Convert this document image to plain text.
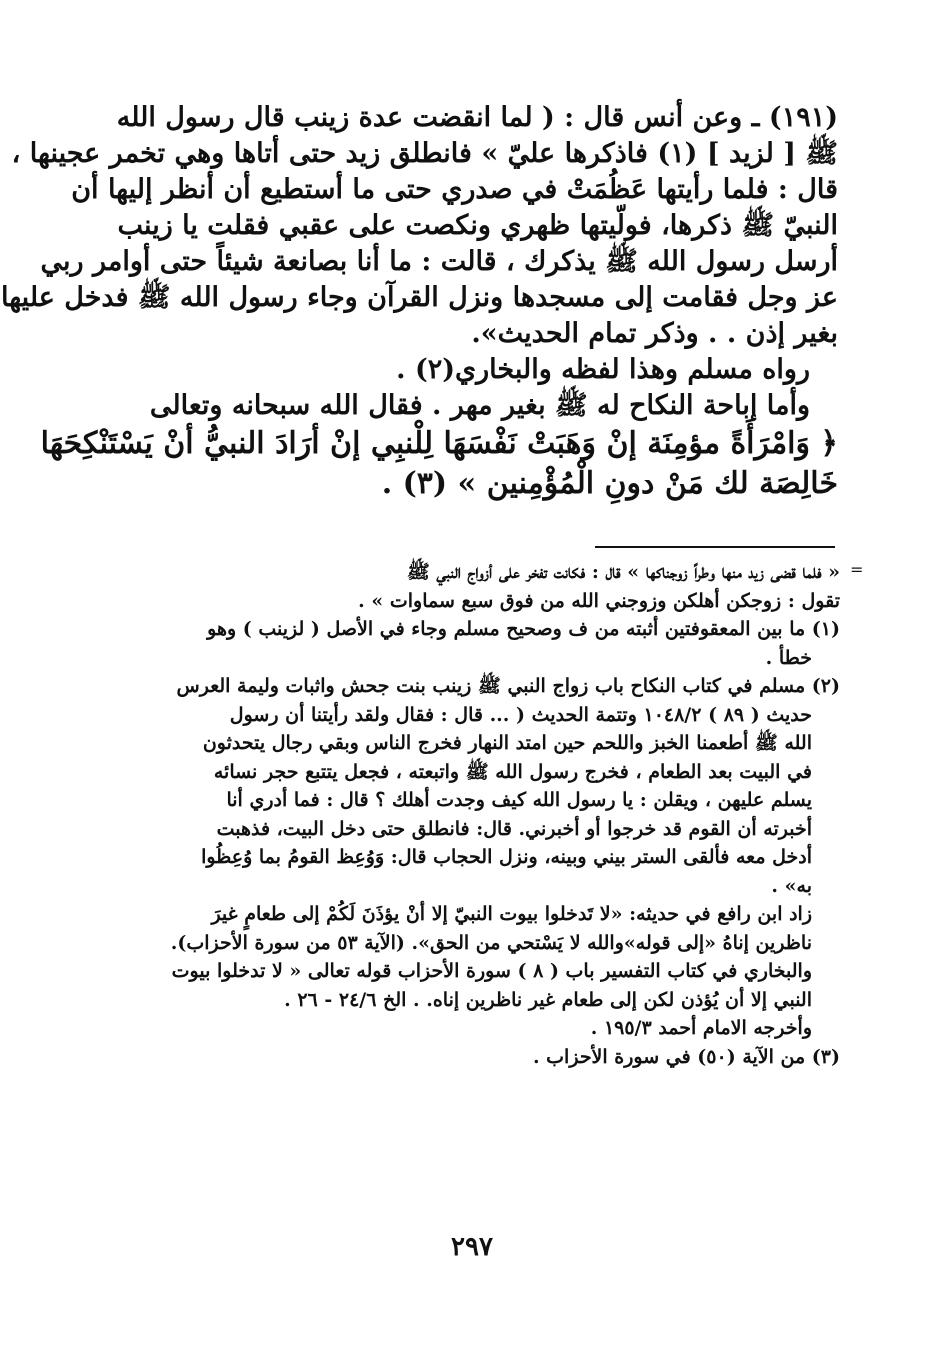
(١٩١) ـ وعن أنس قال : ( لما انقضت عدة زينب قال رسول الله
ﷺ [ لزيد ] (١) فاذكرها عليّ » فانطلق زيد حتى أتاها وهي تخمر عجينها ،
قال : فلما رأيتها عَظُمَتْ في صدري حتى ما أستطيع أن أنظر إليها أن
النبيّ ﷺ ذكرها، فولّيتها ظهري ونكصت على عقبي فقلت يا زينب
أرسل رسول الله ﷺ يذكرك ، قالت : ما أنا بصانعة شيئاً حتى أوامر ربي
عز وجل فقامت إلى مسجدها ونزل القرآن وجاء رسول الله ﷺ فدخل عليها
بغير إذن . . وذكر تمام الحديث».
رواه مسلم وهذا لفظه والبخاري(٢) .
وأما إباحة النكاح له ﷺ بغير مهر . فقال الله سبحانه وتعالى
﴿ وَامْرَأَةً مؤمِنَة إنْ وَهَبَتْ نَفْسَهَا لِلْنبِي إنْ أرَادَ النبيُّ أنْ يَسْتَنْكِحَهَا
خَالِصَة لك مَنْ دونِ الْمُؤْمِنين » (٣) .
=
« فلما قضى زيد منها وطراً زوجناكها » قال : فكانت تفخر على أزواج النبي ﷺ
تقول : زوجكن أهلكن وزوجني الله من فوق سبع سماوات » .
(١) ما بين المعقوفتين أثبته من ف وصحيح مسلم وجاء في الأصل ( لزينب ) وهو
خطأ .
(٢) مسلم في كتاب النكاح باب زواج النبي ﷺ زينب بنت جحش واثبات وليمة العرس
حديث ( ٨٩ ) ١٠٤٨/٢ وتتمة الحديث ( ... قال : فقال ولقد رأيتنا أن رسول
الله ﷺ أطعمنا الخبز واللحم حين امتد النهار فخرج الناس وبقي رجال يتحدثون
في البيت بعد الطعام ، فخرج رسول الله ﷺ واتبعته ، فجعل يتتبع حجر نسائه
يسلم عليهن ، ويقلن : يا رسول الله كيف وجدت أهلك ؟ قال : فما أدري أنا
أخبرته أن القوم قد خرجوا أو أخبرني. قال: فانطلق حتى دخل البيت، فذهبت
أدخل معه فألقى الستر بيني وبينه، ونزل الحجاب قال: وَوُعِظ القومُ بما وُعِظُوا
به» .
زاد ابن رافع في حديثه: «لا تَدخلوا بيوت النبيّ إلا أنْ يؤذَنَ لَكُمْ إلى طعامٍ غيرَ
ناظرين إناهُ «إلى قوله»والله لا يَسْتحي من الحق». (الآية ٥٣ من سورة الأحزاب).
والبخاري في كتاب التفسير باب ( ٨ ) سورة الأحزاب قوله تعالى « لا تدخلوا بيوت
النبي إلا أن يُؤذن لكن إلى طعام غير ناظرين إناه. . الخ ٢٤/٦ - ٢٦ .
وأخرجه الامام أحمد ١٩٥/٣ .
(٣) من الآية (٥٠) في سورة الأحزاب .
٢٩٧
